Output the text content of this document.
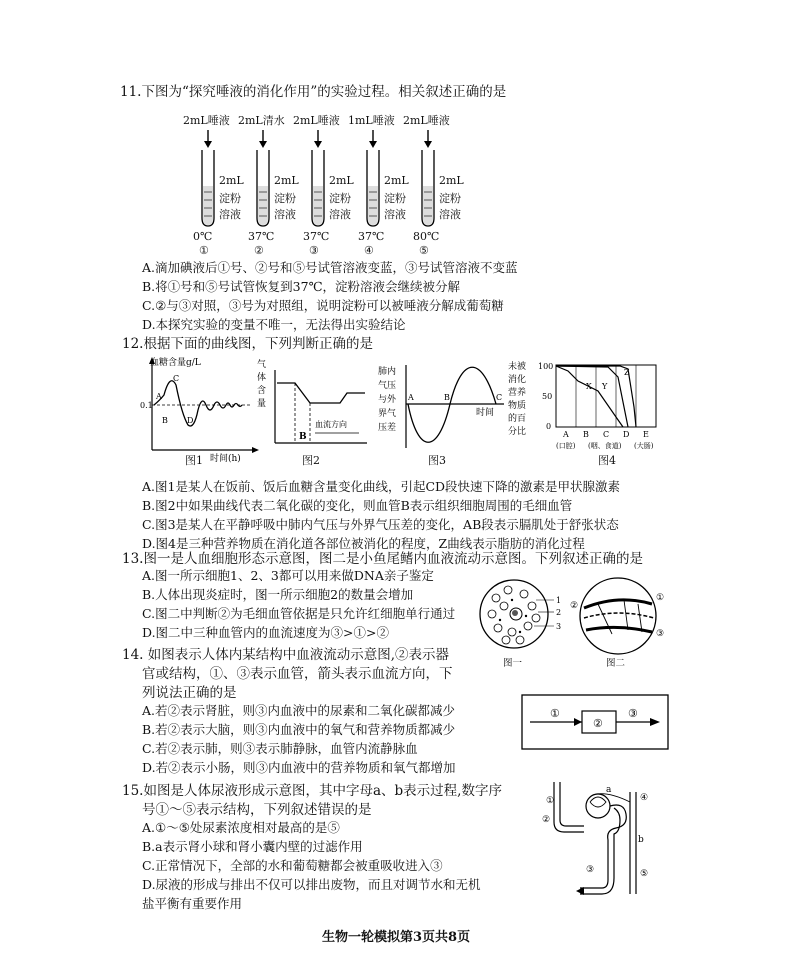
11.下图为“探究唾液的消化作用”的实验过程。相关叙述正确的是
2mL唾液
2mL
淀粉
溶液
0℃
①
2mL清水
2mL
淀粉
溶液
37℃
②
2mL唾液
2mL
淀粉
溶液
37℃
③
1mL唾液
2mL
淀粉
溶液
37℃
④
2mL唾液
2mL
淀粉
溶液
80℃
⑤
A.滴加碘液后①号、②号和⑤号试管溶液变蓝，③号试管溶液不变蓝
B.将①号和⑤号试管恢复到37℃，淀粉溶液会继续被分解
C.②与③对照，③号为对照组，说明淀粉可以被唾液分解成葡萄糖
D.本探究实验的变量不唯一，无法得出实验结论
12.根据下面的曲线图，下列判断正确的是
血糖含量g/L
0.1
A
B
C
D
时间(h)
图1
气
体
含
量
B
血流方向
图2
肺内
气压
与外
界气
压差
A	B	C
时间
图3
未被
消化
营养
物质
的百
分比
100
50
0
X Y
Z
A B C D E
(口腔) (咽、食道) (大肠)
图4
A.图1是某人在饭前、饭后血糖含量变化曲线，引起CD段快速下降的激素是甲状腺激素
B.图2中如果曲线代表二氧化碳的变化，则血管B表示组织细胞周围的毛细血管
C.图3是某人在平静呼吸中肺内气压与外界气压差的变化，AB段表示膈肌处于舒张状态
D.图4是三种营养物质在消化道各部位被消化的程度，Z曲线表示脂肪的消化过程
13.图一是人血细胞形态示意图，图二是小鱼尾鳍内血液流动示意图。下列叙述正确的是
A.图一所示细胞1、2、3都可以用来做DNA亲子鉴定
B.人体出现炎症时，图一所示细胞2的数量会增加
C.图二中判断②为毛细血管依据是只允许红细胞单行通过
D.图二中三种血管内的血流速度为③>①>②
1
2
3
图一
②
①
③
图二
14. 如图表示人体内某结构中血液流动示意图,②表示器
官或结构，①、③表示血管，箭头表示血流方向，下
列说法正确的是
A.若②表示肾脏，则③内血液中的尿素和二氧化碳都减少
B.若②表示大脑，则③内血液中的氧气和营养物质都减少
C.若②表示肺，则③表示肺静脉，血管内流静脉血
D.若②表示小肠，则③内血液中的营养物质和氧气都增加
①
②
③
15.如图是人体尿液形成示意图，其中字母a、b表示过程,数字序
号①～⑤表示结构，下列叙述错误的是
A.①～⑤处尿素浓度相对最高的是⑤
B.a表示肾小球和肾小囊内壁的过滤作用
C.正常情况下，全部的水和葡萄糖都会被重吸收进入③
D.尿液的形成与排出不仅可以排出废物，而且对调节水和无机
盐平衡有重要作用
①
②
③
④
⑤
a
b
生物一轮模拟第3页共8页
